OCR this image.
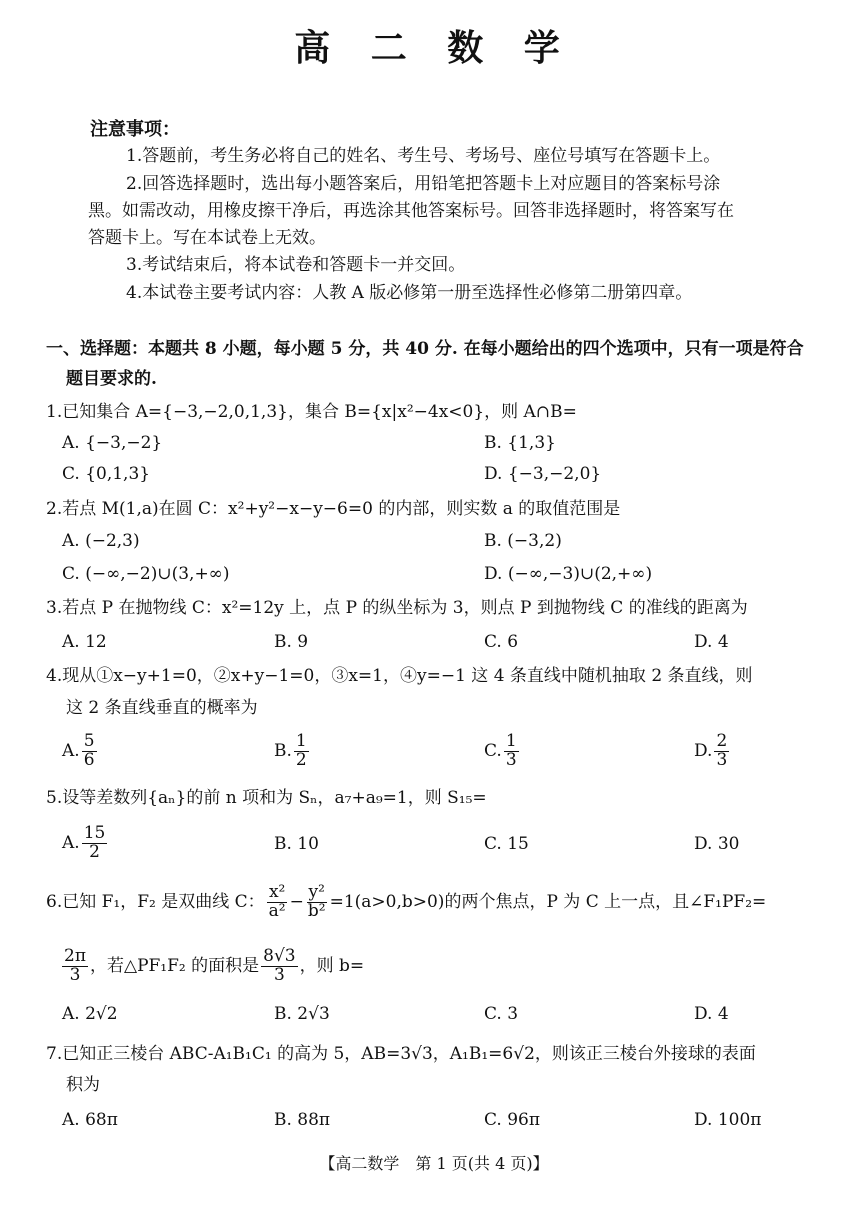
高 二 数 学
注意事项：
1.答题前，考生务必将自己的姓名、考生号、考场号、座位号填写在答题卡上。
2.回答选择题时，选出每小题答案后，用铅笔把答题卡上对应题目的答案标号涂
黑。如需改动，用橡皮擦干净后，再选涂其他答案标号。回答非选择题时，将答案写在
答题卡上。写在本试卷上无效。
3.考试结束后，将本试卷和答题卡一并交回。
4.本试卷主要考试内容：人教 A 版必修第一册至选择性必修第二册第四章。
一、选择题：本题共 8 小题，每小题 5 分，共 40 分. 在每小题给出的四个选项中，只有一项是符合
题目要求的.
1.已知集合 A={−3,−2,0,1,3}，集合 B={x|x²−4x<0}，则 A∩B=
A. {−3,−2}	B. {1,3}
C. {0,1,3}	D. {−3,−2,0}
2.若点 M(1,a)在圆 C：x²+y²−x−y−6=0 的内部，则实数 a 的取值范围是
A. (−2,3)	B. (−3,2)
C. (−∞,−2)∪(3,+∞)	D. (−∞,−3)∪(2,+∞)
3.若点 P 在抛物线 C：x²=12y 上，点 P 的纵坐标为 3，则点 P 到抛物线 C 的准线的距离为
A. 12	B. 9	C. 6	D. 4
4.现从①x−y+1=0，②x+y−1=0，③x=1，④y=−1 这 4 条直线中随机抽取 2 条直线，则
这 2 条直线垂直的概率为
A. $\frac{5}{6}$	B. $\frac{1}{2}$	C. $\frac{1}{3}$	D. $\frac{2}{3}$
5.设等差数列{aₙ}的前 n 项和为 Sₙ，a₇+a₉=1，则 S₁₅=
A. $\frac{15}{2}$	B. 10	C. 15	D. 30
6.已知 F₁，F₂ 是双曲线 C： $\frac{\text{x²}}{\text{a²}} - \frac{\text{y²}}{\text{b²}} =1(a>0,b>0)$的两个焦点，P 为 C 上一点，且∠F₁PF₂=
$\frac{2\pi}{3}$ ，若△PF₁F₂ 的面积是 $\frac{8√3}{3}$ ，则 b=
A. 2√2	B. 2√3	C. 3	D. 4
7.已知正三棱台 ABC-A₁B₁C₁ 的高为 5，AB=3√3，A₁B₁=6√2，则该正三棱台外接球的表面
积为
A. 68π	B. 88π	C. 96π	D. 100π
【高二数学　第 1 页(共 4 页)】
